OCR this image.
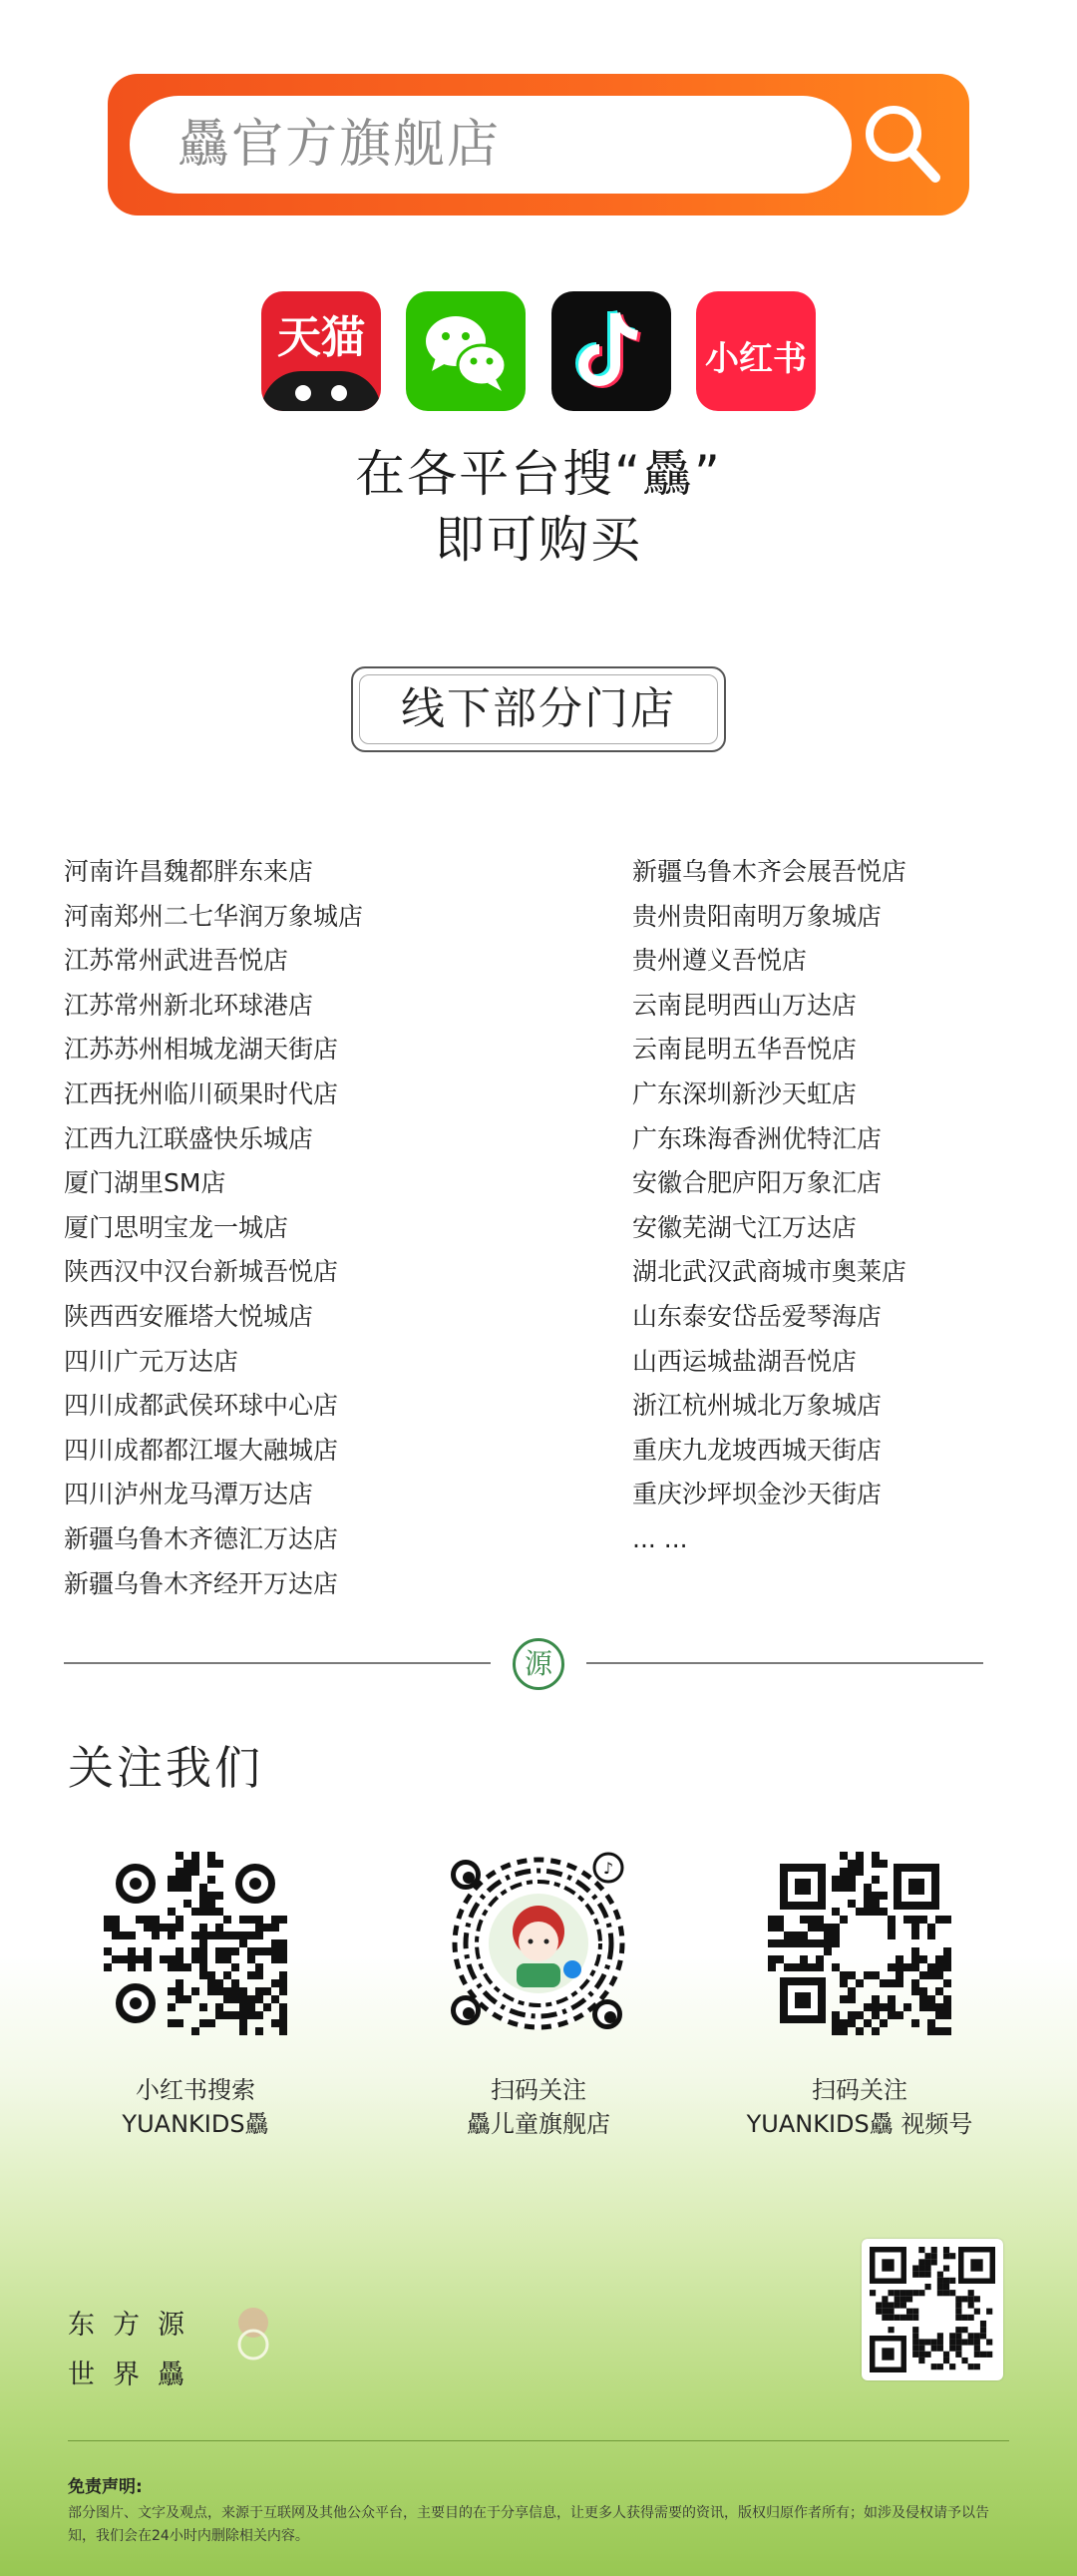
驫官方旗舰店
天猫	小红书
在各平台搜“驫”
即可购买
线下部分门店
河南许昌魏都胖东来店
河南郑州二七华润万象城店
江苏常州武进吾悦店
江苏常州新北环球港店
江苏苏州相城龙湖天街店
江西抚州临川硕果时代店
江西九江联盛快乐城店
厦门湖里SM店
厦门思明宝龙一城店
陕西汉中汉台新城吾悦店
陕西西安雁塔大悦城店
四川广元万达店
四川成都武侯环球中心店
四川成都都江堰大融城店
四川泸州龙马潭万达店
新疆乌鲁木齐德汇万达店
新疆乌鲁木齐经开万达店
新疆乌鲁木齐会展吾悦店
贵州贵阳南明万象城店
贵州遵义吾悦店
云南昆明西山万达店
云南昆明五华吾悦店
广东深圳新沙天虹店
广东珠海香洲优特汇店
安徽合肥庐阳万象汇店
安徽芜湖弋江万达店
湖北武汉武商城市奥莱店
山东泰安岱岳爱琴海店
山西运城盐湖吾悦店
浙江杭州城北万象城店
重庆九龙坡西城天街店
重庆沙坪坝金沙天街店
... ...
源
关注我们
小红书搜索
YUANKIDS驫
♪
扫码关注
驫儿童旗舰店
扫码关注
YUANKIDS驫 视频号
东方源
世界驫
免责声明:
部分图片、文字及观点，来源于互联网及其他公众平台，主要目的在于分享信息，让更多人获得需要的资讯，版权归原作者所有；如涉及侵权请予以告知，我们会在24小时内删除相关内容。
